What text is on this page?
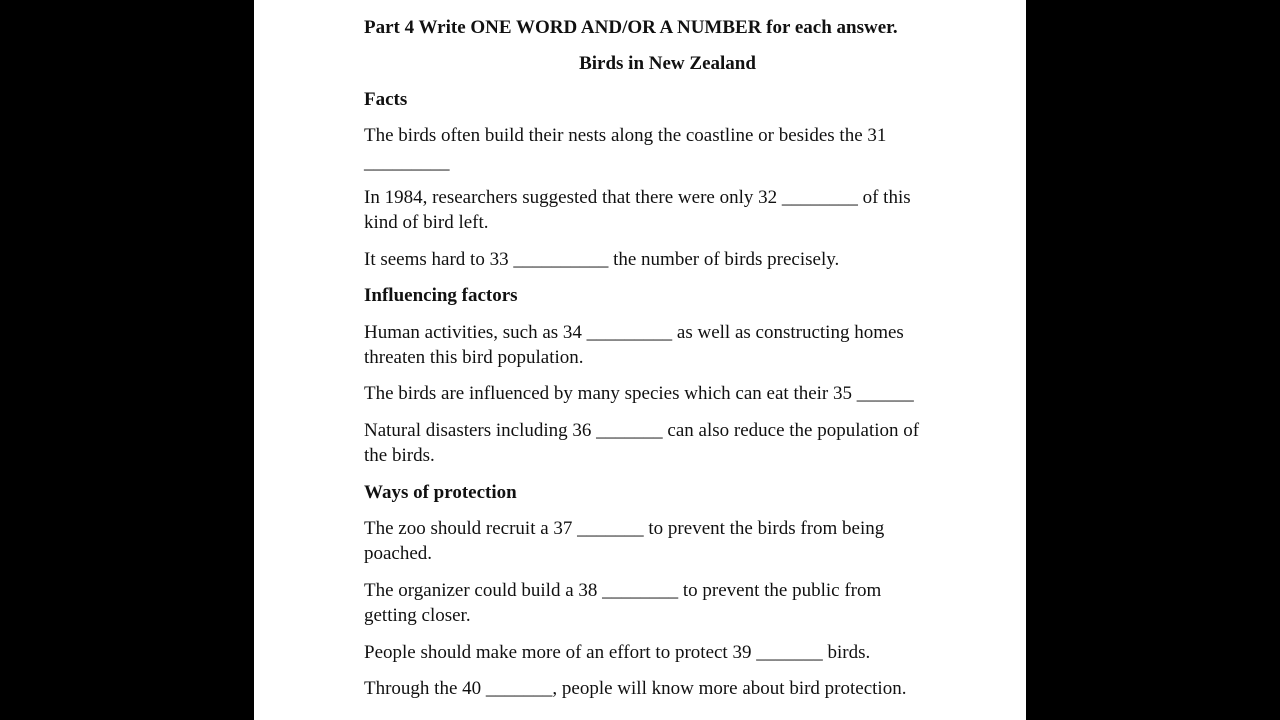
Part 4 Write ONE WORD AND/OR A NUMBER for each answer.
Birds in New Zealand
Facts
The birds often build their nests along the coastline or besides the 31
_________
In 1984, researchers suggested that there were only 32 ________ of this
kind of bird left.
It seems hard to 33 __________ the number of birds precisely.
Influencing factors
Human activities, such as 34 _________ as well as constructing homes
threaten this bird population.
The birds are influenced by many species which can eat their 35 ______
Natural disasters including 36 _______ can also reduce the population of
the birds.
Ways of protection
The zoo should recruit a 37 _______ to prevent the birds from being
poached.
The organizer could build a 38 ________ to prevent the public from
getting closer.
People should make more of an effort to protect 39 _______ birds.
Through the 40 _______, people will know more about bird protection.
